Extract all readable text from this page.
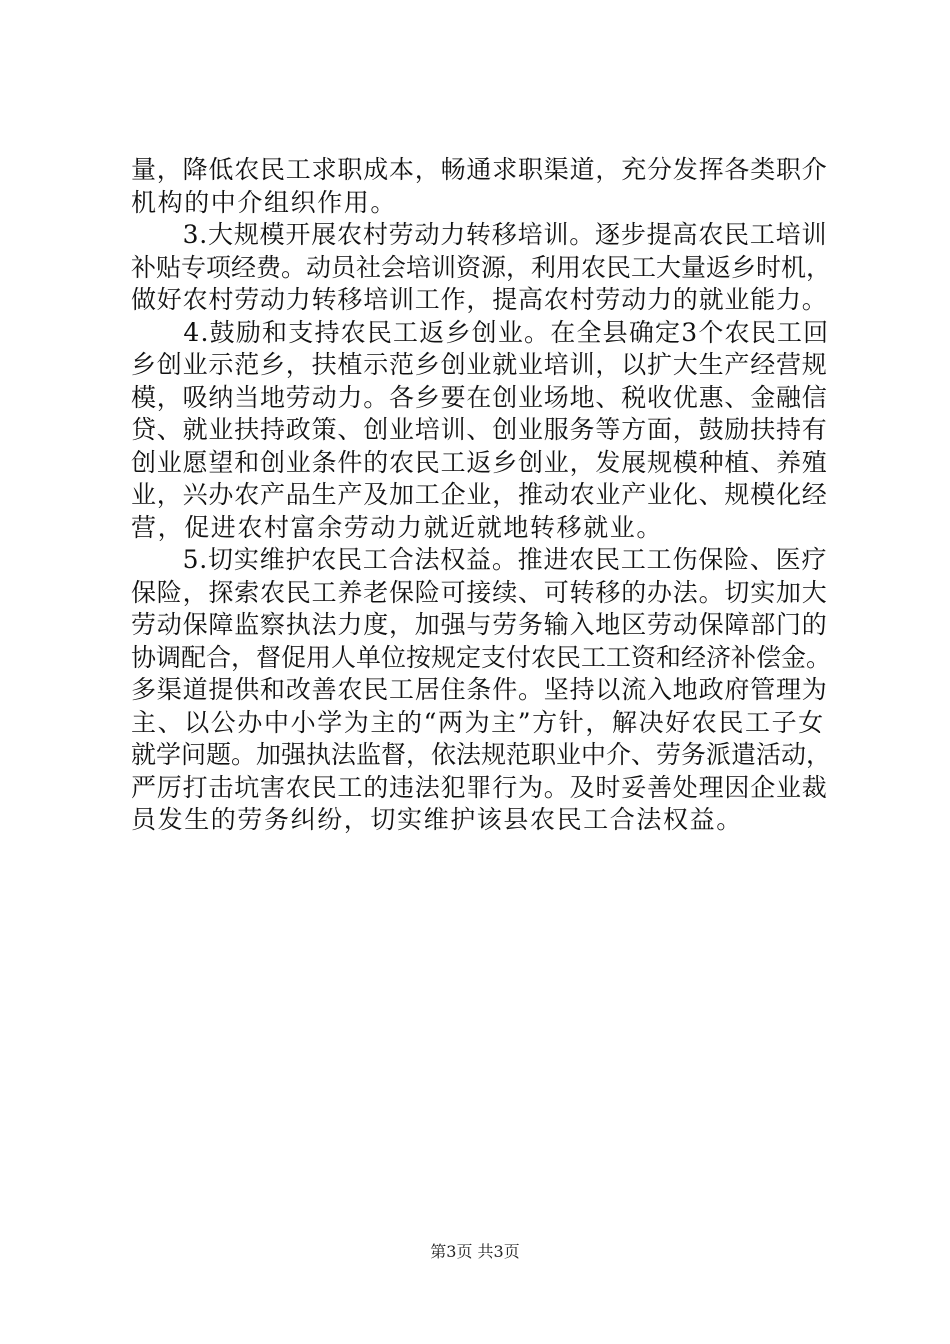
量，降低农民工求职成本，畅通求职渠道，充分发挥各类职介
机构的中介组织作用。
　　3.大规模开展农村劳动力转移培训。逐步提高农民工培训
补贴专项经费。动员社会培训资源，利用农民工大量返乡时机，
做好农村劳动力转移培训工作，提高农村劳动力的就业能力。
　　4.鼓励和支持农民工返乡创业。在全县确定3个农民工回
乡创业示范乡，扶植示范乡创业就业培训，以扩大生产经营规
模，吸纳当地劳动力。各乡要在创业场地、税收优惠、金融信
贷、就业扶持政策、创业培训、创业服务等方面，鼓励扶持有
创业愿望和创业条件的农民工返乡创业，发展规模种植、养殖
业，兴办农产品生产及加工企业，推动农业产业化、规模化经
营，促进农村富余劳动力就近就地转移就业。
　　5.切实维护农民工合法权益。推进农民工工伤保险、医疗
保险，探索农民工养老保险可接续、可转移的办法。切实加大
劳动保障监察执法力度，加强与劳务输入地区劳动保障部门的
协调配合，督促用人单位按规定支付农民工工资和经济补偿金。
多渠道提供和改善农民工居住条件。坚持以流入地政府管理为
主、以公办中小学为主的“两为主”方针，解决好农民工子女
就学问题。加强执法监督，依法规范职业中介、劳务派遣活动，
严厉打击坑害农民工的违法犯罪行为。及时妥善处理因企业裁
员发生的劳务纠纷，切实维护该县农民工合法权益。
第3页 共3页
